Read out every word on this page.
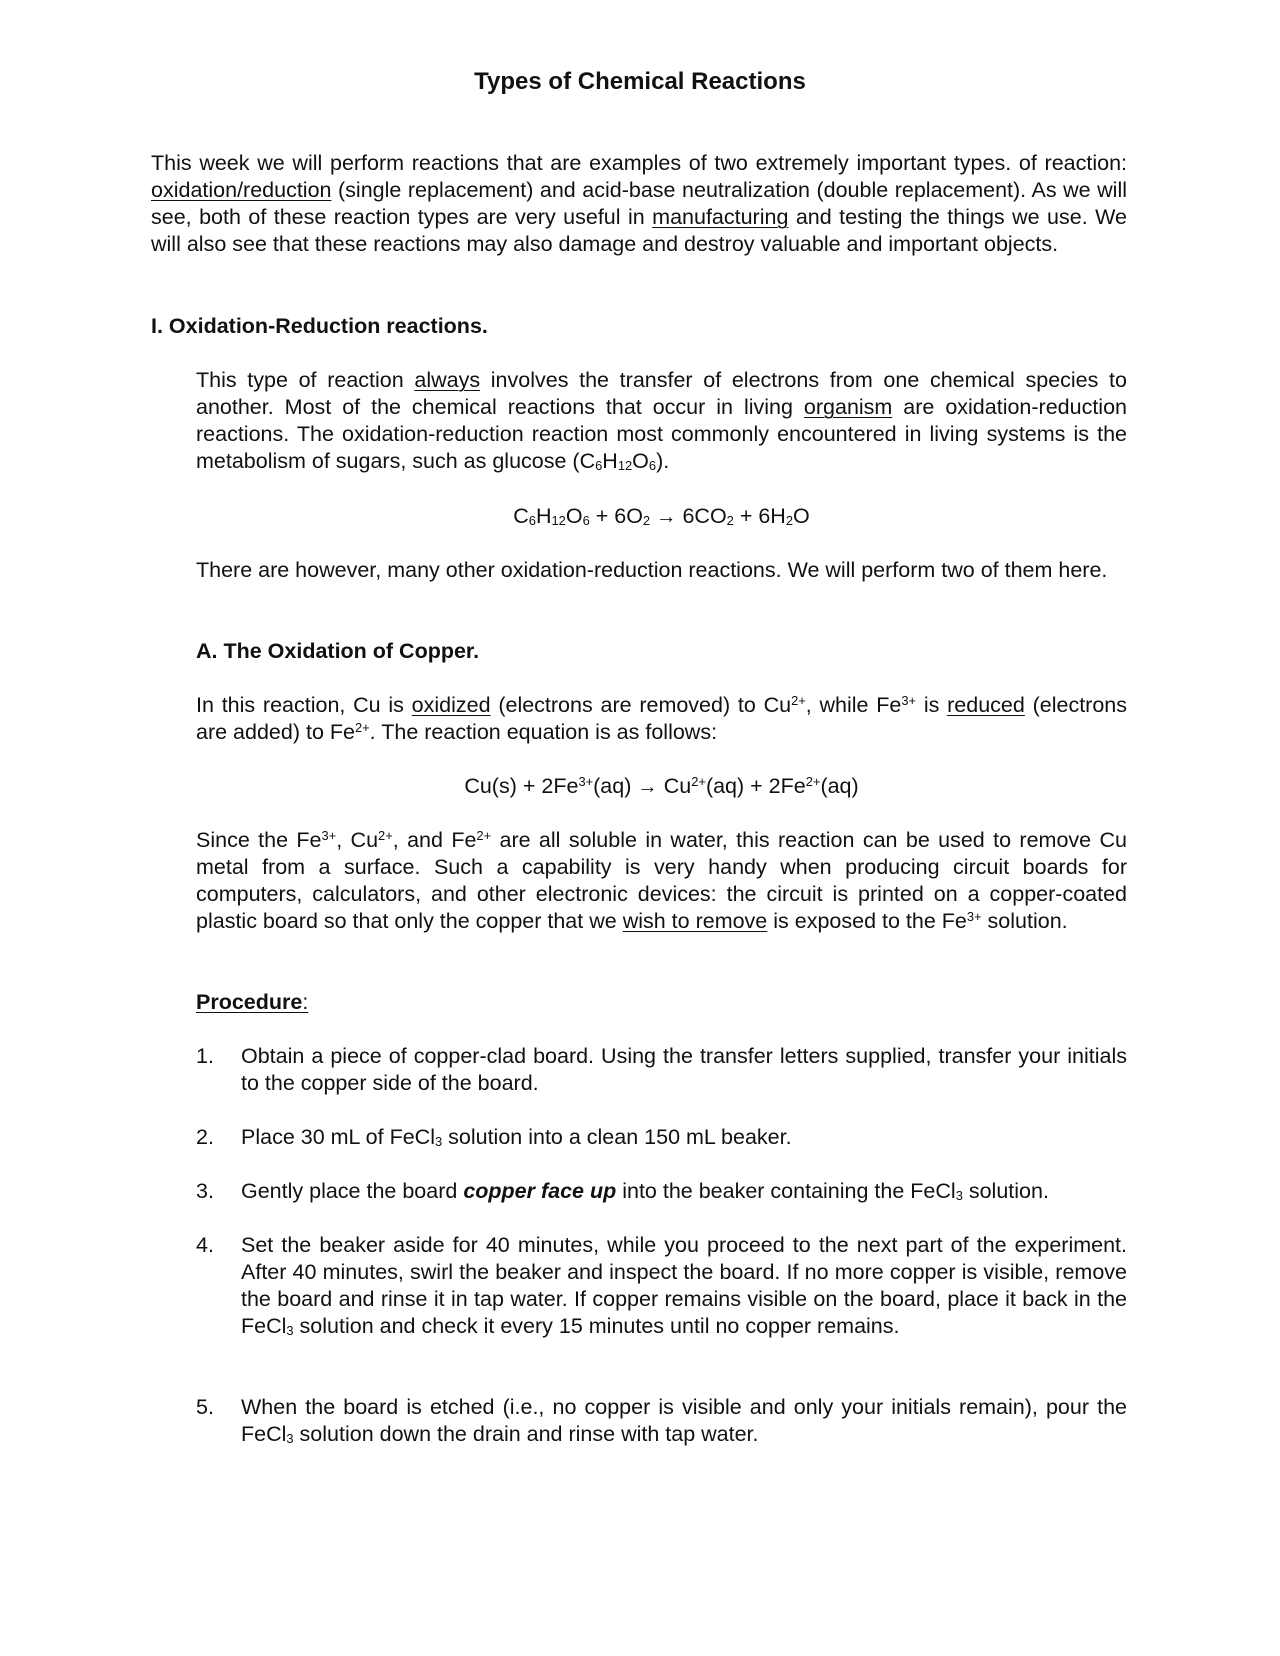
Types of Chemical Reactions

This week we will perform reactions that are examples of two extremely important types. of reaction: oxidation/reduction (single replacement) and acid-base neutralization (double replacement). As we will see, both of these reaction types are very useful in manufacturing and testing the things we use. We will also see that these reactions may also damage and destroy valuable and important objects.

I. Oxidation-Reduction reactions.

This type of reaction always involves the transfer of electrons from one chemical species to another. Most of the chemical reactions that occur in living organism are oxidation-reduction reactions. The oxidation-reduction reaction most commonly encountered in living systems is the metabolism of sugars, such as glucose $(C_6H_{12}O_6)$.

$C_6H_{12}O_6 + 6O_2 \to 6CO_2 + 6H_2O$

There are however, many other oxidation-reduction reactions. We will perform two of them here.

A. The Oxidation of Copper.

In this reaction, Cu is oxidized (electrons are removed) to $Cu^{2+}$, while $Fe^{3+}$ is reduced (electrons are added) to $Fe^{2+}$. The reaction equation is as follows:

$Cu(s) + 2Fe^{3+}(aq) \to Cu^{2+}(aq) + 2Fe^{2+}(aq)$

Since the $Fe^{3+}$, $Cu^{2+}$, and $Fe^{2+}$ are all soluble in water, this reaction can be used to remove Cu metal from a surface. Such a capability is very handy when producing circuit boards for computers, calculators, and other electronic devices: the circuit is printed on a copper-coated plastic board so that only the copper that we wish to remove is exposed to the $Fe^{3+}$ solution.

Procedure:

1.	Obtain a piece of copper-clad board. Using the transfer letters supplied, transfer your initials to the copper side of the board.

2.	Place 30 mL of FeCl$_3$ solution into a clean 150 mL beaker.

3.	Gently place the board copper face up into the beaker containing the FeCl$_3$ solution.

4.	Set the beaker aside for 40 minutes, while you proceed to the next part of the experiment. After 40 minutes, swirl the beaker and inspect the board. If no more copper is visible, remove the board and rinse it in tap water. If copper remains visible on the board, place it back in the FeCl$_3$ solution and check it every 15 minutes until no copper remains.

5.	When the board is etched (i.e., no copper is visible and only your initials remain), pour the FeCl$_3$ solution down the drain and rinse with tap water.
